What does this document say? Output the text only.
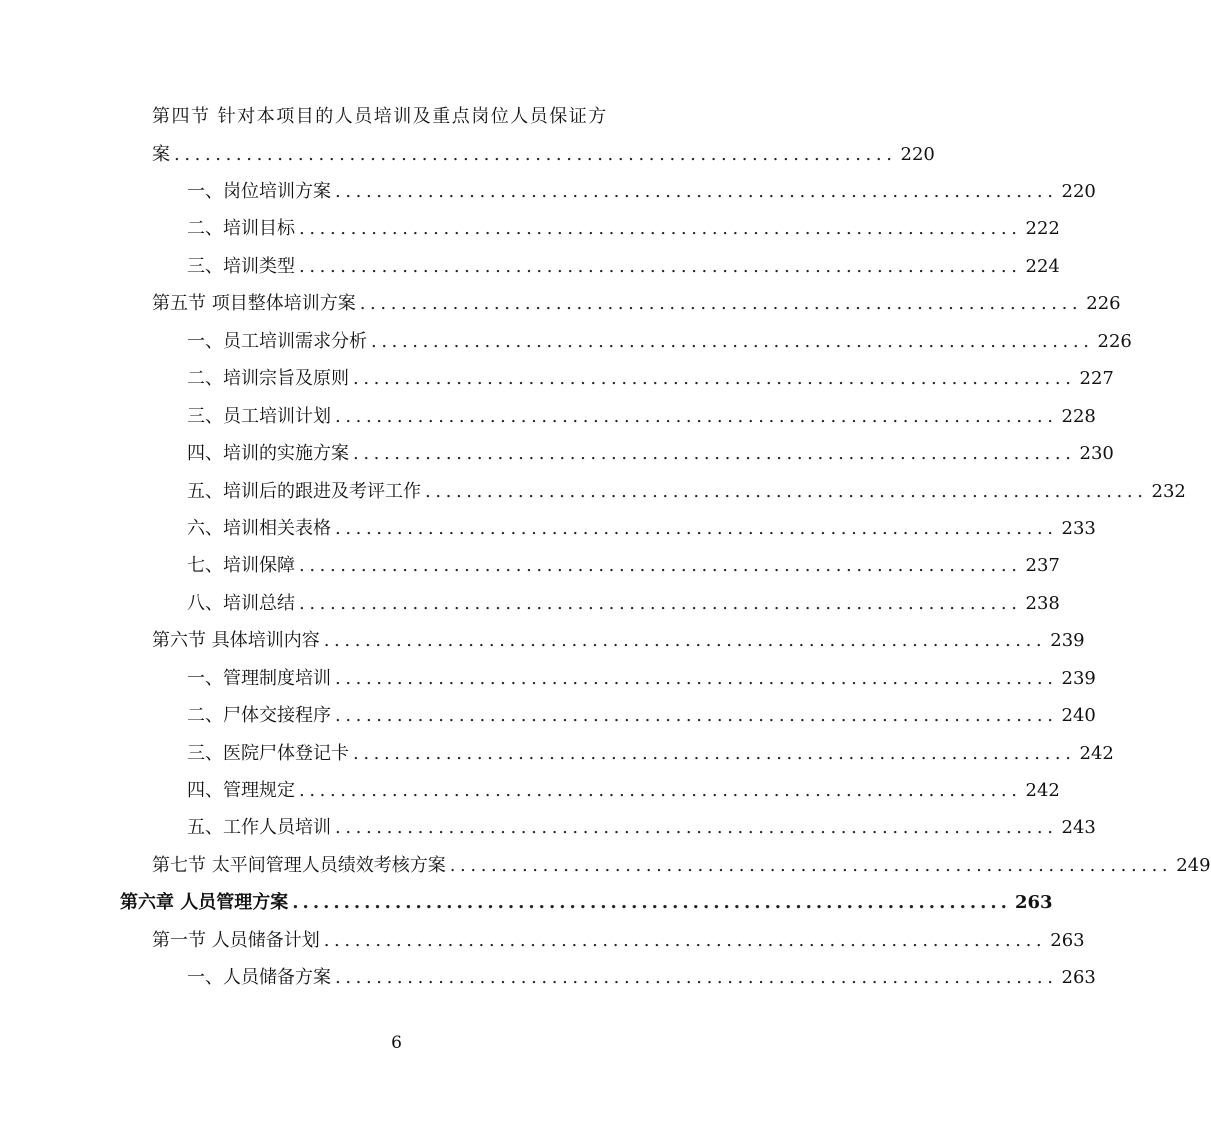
第四节 针对本项目的人员培训及重点岗位人员保证方
案 ...................................................................... 220
一、岗位培训方案 ...................................................................... 220
二、培训目标 ...................................................................... 222
三、培训类型 ...................................................................... 224
第五节 项目整体培训方案 ...................................................................... 226
一、员工培训需求分析 ...................................................................... 226
二、培训宗旨及原则 ...................................................................... 227
三、员工培训计划 ...................................................................... 228
四、培训的实施方案 ...................................................................... 230
五、培训后的跟进及考评工作 ...................................................................... 232
六、培训相关表格 ...................................................................... 233
七、培训保障 ...................................................................... 237
八、培训总结 ...................................................................... 238
第六节 具体培训内容 ...................................................................... 239
一、管理制度培训 ...................................................................... 239
二、尸体交接程序 ...................................................................... 240
三、医院尸体登记卡 ...................................................................... 242
四、管理规定 ...................................................................... 242
五、工作人员培训 ...................................................................... 243
第七节 太平间管理人员绩效考核方案 ...................................................................... 249
第六章 人员管理方案 ...................................................................... 263
第一节 人员储备计划 ...................................................................... 263
一、人员储备方案 ...................................................................... 263
6
